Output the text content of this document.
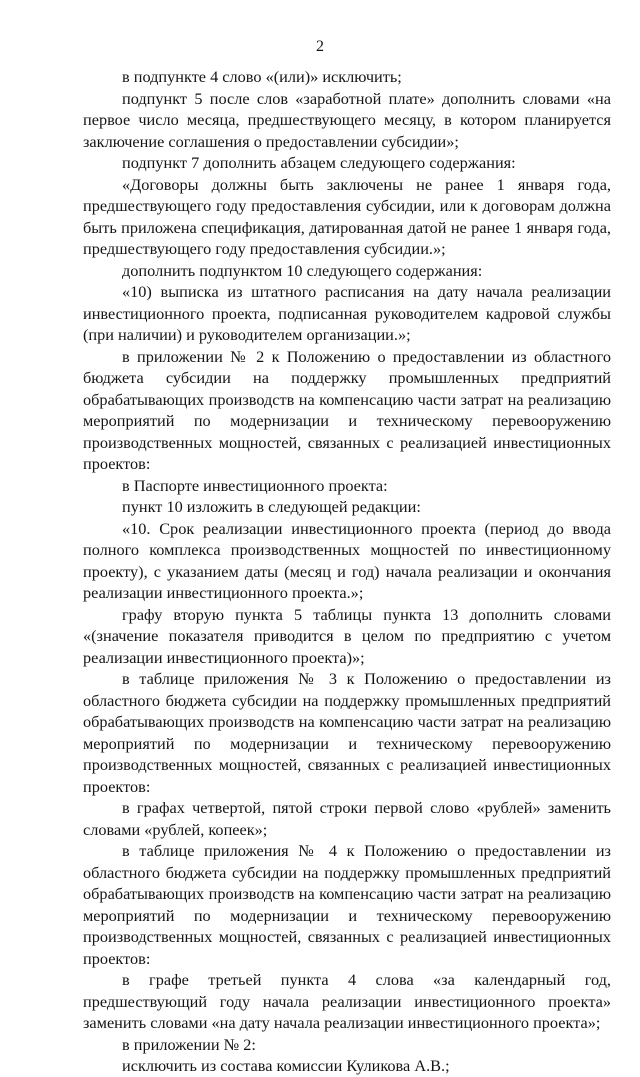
2

в подпункте 4 слово «(или)» исключить;

подпункт 5 после слов «заработной плате» дополнить словами «на первое число месяца, предшествующего месяцу, в котором планируется заключение соглашения о предоставлении субсидии»;

подпункт 7 дополнить абзацем следующего содержания:

«Договоры должны быть заключены не ранее 1 января года, предшествующего году предоставления субсидии, или к договорам должна быть приложена спецификация, датированная датой не ранее 1 января года, предшествующего году предоставления субсидии.»;

дополнить подпунктом 10 следующего содержания:

«10) выписка из штатного расписания на дату начала реализации инвестиционного проекта, подписанная руководителем кадровой службы (при наличии) и руководителем организации.»;

в приложении № 2 к Положению о предоставлении из областного бюджета субсидии на поддержку промышленных предприятий обрабатывающих производств на компенсацию части затрат на реализацию мероприятий по модернизации и техническому перевооружению производственных мощностей, связанных с реализацией инвестиционных проектов:

в Паспорте инвестиционного проекта:

пункт 10 изложить в следующей редакции:

«10. Срок реализации инвестиционного проекта (период до ввода полного комплекса производственных мощностей по инвестиционному проекту), с указанием даты (месяц и год) начала реализации и окончания реализации инвестиционного проекта.»;

графу вторую пункта 5 таблицы пункта 13 дополнить словами «(значение показателя приводится в целом по предприятию с учетом реализации инвестиционного проекта)»;

в таблице приложения № 3 к Положению о предоставлении из областного бюджета субсидии на поддержку промышленных предприятий обрабатывающих производств на компенсацию части затрат на реализацию мероприятий по модернизации и техническому перевооружению производственных мощностей, связанных с реализацией инвестиционных проектов:

в графах четвертой, пятой строки первой слово «рублей» заменить словами «рублей, копеек»;

в таблице приложения № 4 к Положению о предоставлении из областного бюджета субсидии на поддержку промышленных предприятий обрабатывающих производств на компенсацию части затрат на реализацию мероприятий по модернизации и техническому перевооружению производственных мощностей, связанных с реализацией инвестиционных проектов:

в графе третьей пункта 4 слова «за календарный год, предшествующий году начала реализации инвестиционного проекта» заменить словами «на дату начала реализации инвестиционного проекта»;

в приложении № 2:

исключить из состава комиссии Куликова А.В.;
